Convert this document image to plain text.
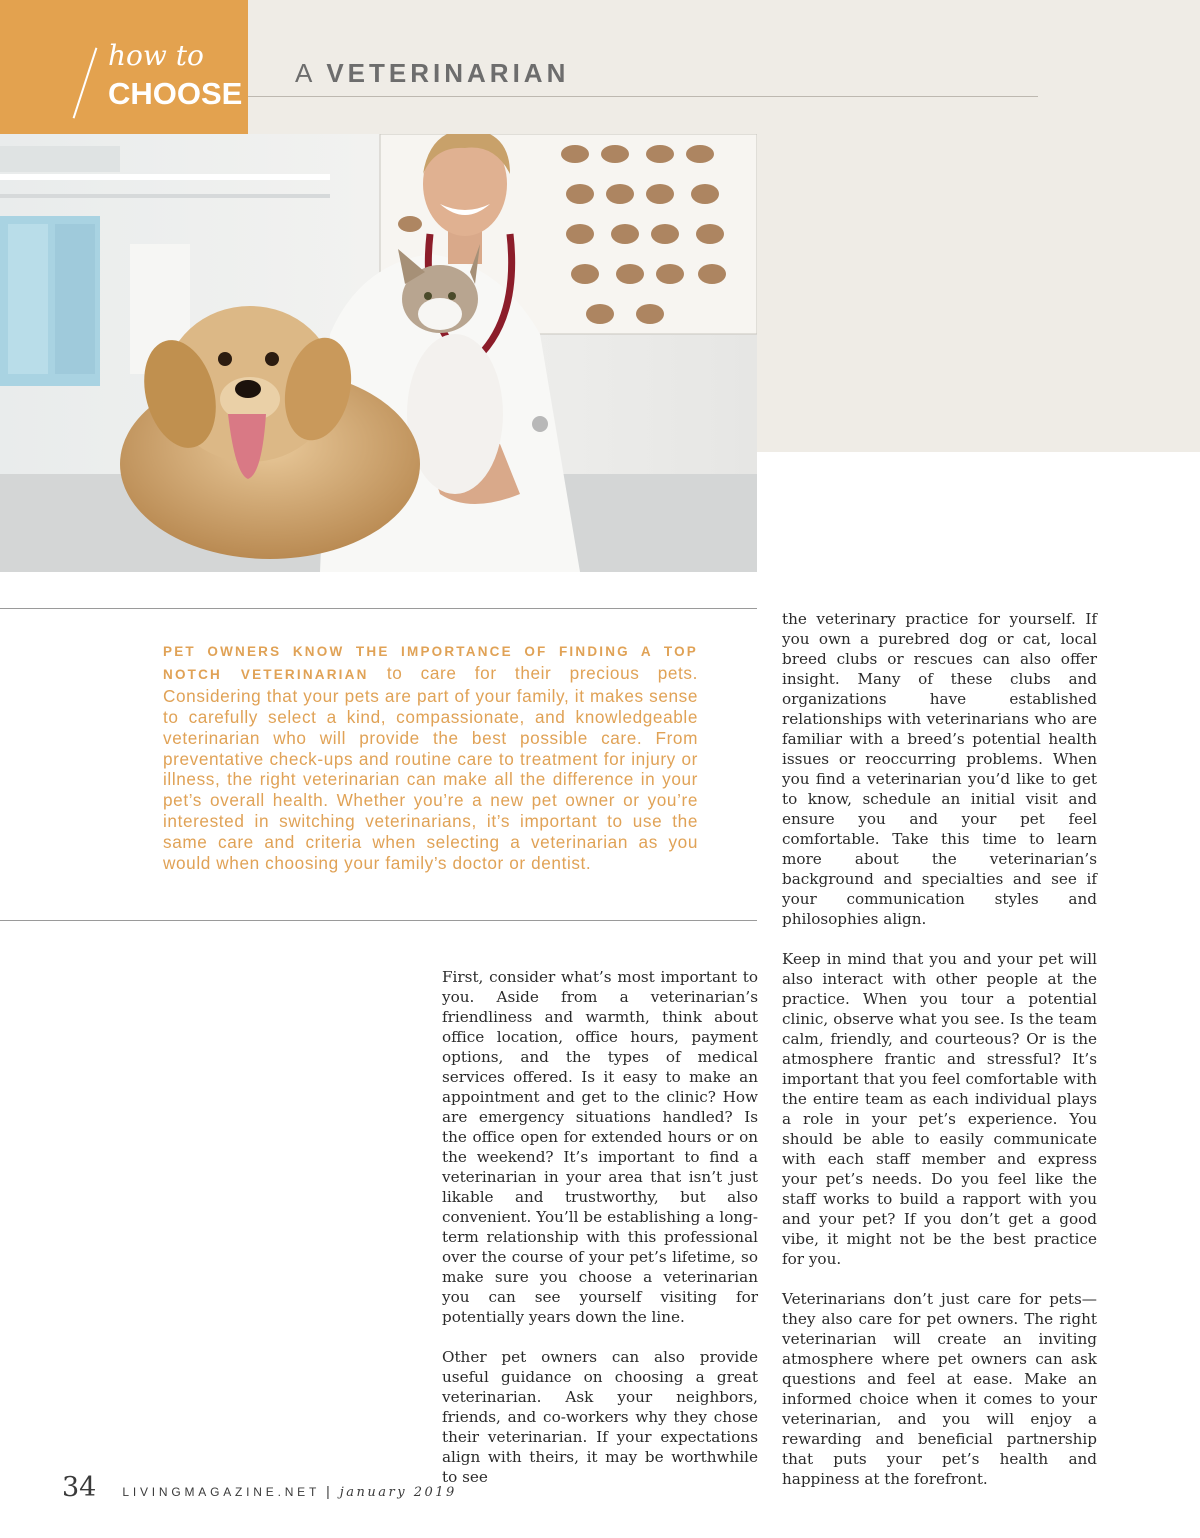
how to
CHOOSE
A VETERINARIAN

PET OWNERS KNOW THE IMPORTANCE OF FINDING A TOP NOTCH VETERINARIAN to care for their precious pets. Considering that your pets are part of your family, it makes sense to carefully select a kind, compassionate, and knowledgeable veterinarian who will provide the best possible care. From preventative check-ups and routine care to treatment for injury or illness, the right veterinarian can make all the difference in your pet’s overall health. Whether you’re a new pet owner or you’re interested in switching veterinarians, it’s important to use the same care and criteria when selecting a veterinarian as you would when choosing your family’s doctor or dentist.

First, consider what’s most important to you. Aside from a veterinarian’s friendliness and warmth, think about office location, office hours, payment options, and the types of medical services offered. Is it easy to make an appointment and get to the clinic? How are emergency situations handled? Is the office open for extended hours or on the weekend? It’s important to find a veterinarian in your area that isn’t just likable and trustworthy, but also convenient. You’ll be establishing a long-term relationship with this professional over the course of your pet’s lifetime, so make sure you choose a veterinarian you can see yourself visiting for potentially years down the line.

Other pet owners can also provide useful guidance on choosing a great veterinarian. Ask your neighbors, friends, and co-workers why they chose their veterinarian. If your expectations align with theirs, it may be worthwhile to see

the veterinary practice for yourself. If you own a purebred dog or cat, local breed clubs or rescues can also offer insight. Many of these clubs and organizations have established relationships with veterinarians who are familiar with a breed’s potential health issues or reoccurring problems. When you find a veterinarian you’d like to get to know, schedule an initial visit and ensure you and your pet feel comfortable. Take this time to learn more about the veterinarian’s background and specialties and see if your communication styles and philosophies align.

Keep in mind that you and your pet will also interact with other people at the practice. When you tour a potential clinic, observe what you see. Is the team calm, friendly, and courteous? Or is the atmosphere frantic and stressful? It’s important that you feel comfortable with the entire team as each individual plays a role in your pet’s experience. You should be able to easily communicate with each staff member and express your pet’s needs. Do you feel like the staff works to build a rapport with you and your pet? If you don’t get a good vibe, it might not be the best practice for you.

Veterinarians don’t just care for pets—they also care for pet owners. The right veterinarian will create an inviting atmosphere where pet owners can ask questions and feel at ease. Make an informed choice when it comes to your veterinarian, and you will enjoy a rewarding and beneficial partnership that puts your pet’s health and happiness at the forefront.

34 LIVINGMAGAZINE.NET | january 2019
